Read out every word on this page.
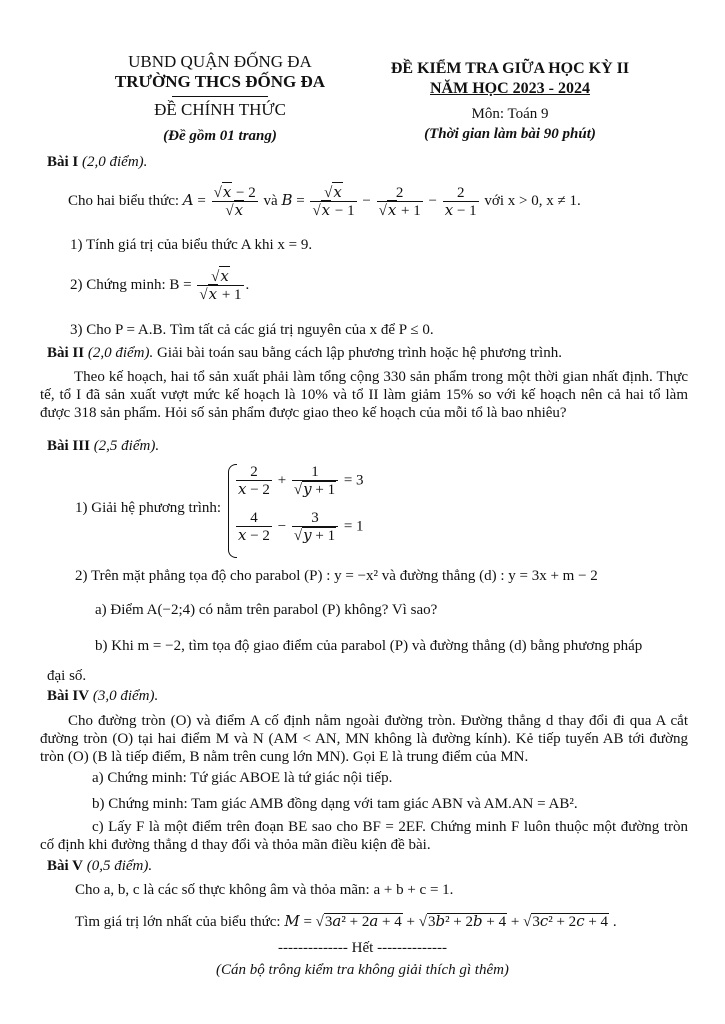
UBND QUẬN ĐỐNG ĐA
TRƯỜNG THCS ĐỐNG ĐA
ĐỀ CHÍNH THỨC
(Đề gồm 01 trang)
ĐỀ KIỂM TRA GIỮA HỌC KỲ II
NĂM HỌC 2023 - 2024
Môn: Toán 9
(Thời gian làm bài 90 phút)
Bài I (2,0 điểm).
Cho hai biểu thức: $A = \frac{√x - 2}{√x}$ và $B = \frac{√x}{√x - 1} - \frac{2}{√x + 1} - \frac{2}{x - 1}$ với x > 0, x ≠ 1.
1) Tính giá trị của biểu thức A khi x = 9.
2) Chứng minh: $B = \frac{√x}{√x + 1}$ .
3) Cho P = A.B. Tìm tất cả các giá trị nguyên của x để P ≤ 0.
Bài II (2,0 điểm). Giải bài toán sau bằng cách lập phương trình hoặc hệ phương trình.
Theo kế hoạch, hai tổ sản xuất phải làm tổng cộng 330 sản phẩm trong một thời gian nhất định. Thực tế, tổ I đã sản xuất vượt mức kế hoạch là 10% và tổ II làm giảm 15% so với kế hoạch nên cả hai tổ làm được 318 sản phẩm. Hỏi số sản phẩm được giao theo kế hoạch của mỗi tổ là bao nhiêu?
Bài III (2,5 điểm).
1) Giải hệ phương trình:
$\frac{2}{x - 2} + \frac{1}{√y + 1} = 3$
$\frac{4}{x - 2} - \frac{3}{√y + 1} = 1$
2) Trên mặt phẳng tọa độ cho parabol (P) : y = −x² và đường thẳng (d) : y = 3x + m − 2
a) Điểm A(−2;4) có nằm trên parabol (P) không? Vì sao?
b) Khi m = −2, tìm tọa độ giao điểm của parabol (P) và đường thẳng (d) bằng phương pháp
đại số.
Bài IV (3,0 điểm).
Cho đường tròn (O) và điểm A cố định nằm ngoài đường tròn. Đường thẳng d thay đổi đi qua A cắt đường tròn (O) tại hai điểm M và N (AM < AN, MN không là đường kính). Kẻ tiếp tuyến AB tới đường tròn (O) (B là tiếp điểm, B nằm trên cung lớn MN). Gọi E là trung điểm của MN.
a) Chứng minh: Tứ giác ABOE là tứ giác nội tiếp.
b) Chứng minh: Tam giác AMB đồng dạng với tam giác ABN và AM.AN = AB².
c) Lấy F là một điểm trên đoạn BE sao cho BF = 2EF. Chứng minh F luôn thuộc một đường tròn cố định khi đường thẳng d thay đổi và thỏa mãn điều kiện đề bài.
Bài V (0,5 điểm).
Cho a, b, c là các số thực không âm và thỏa mãn: a + b + c = 1.
Tìm giá trị lớn nhất của biểu thức: M = √3a² + 2a + 4 + √3b² + 2b + 4 + √3c² + 2c + 4 .
-------------- Hết --------------
(Cán bộ trông kiểm tra không giải thích gì thêm)
